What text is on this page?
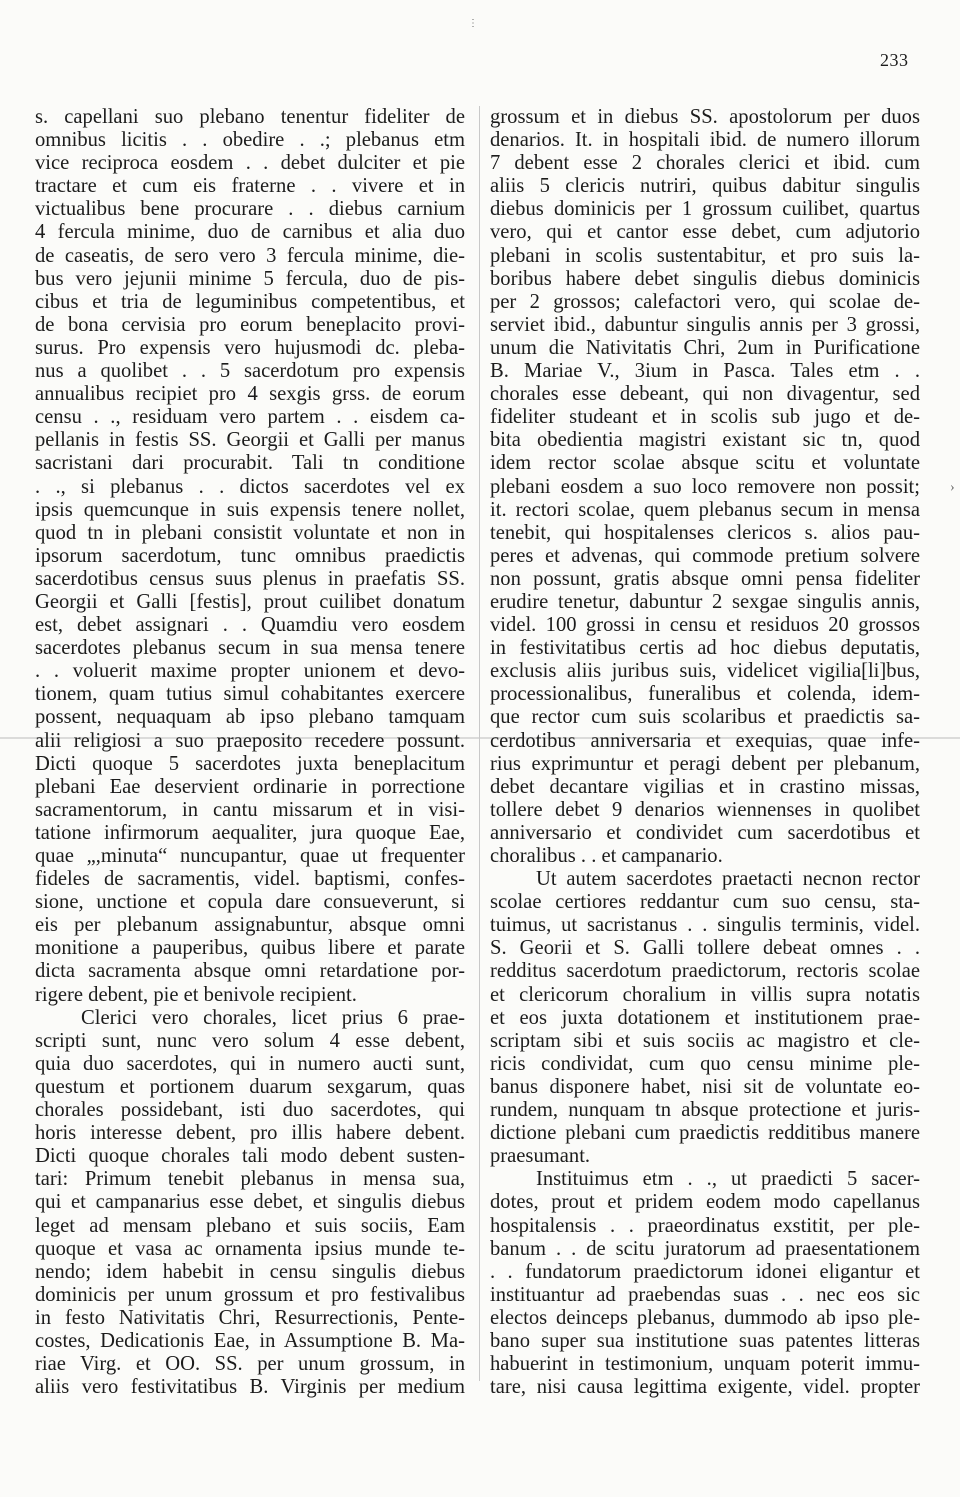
233
⋮
›
s. capellani suo plebano tenentur fideliter de
omnibus licitis . . obedire . .; plebanus etm
vice reciproca eosdem . . debet dulciter et pie
tractare et cum eis fraterne . . vivere et in
victualibus bene procurare . . diebus carnium
4 fercula minime, duo de carnibus et alia duo
de caseatis, de sero vero 3 fercula minime, die-
bus vero jejunii minime 5 fercula, duo de pis-
cibus et tria de leguminibus competentibus, et
de bona cervisia pro eorum beneplacito provi-
surus. Pro expensis vero hujusmodi dc. pleba-
nus a quolibet . . 5 sacerdotum pro expensis
annualibus recipiet pro 4 sexgis grss. de eorum
censu . ., residuam vero partem . . eisdem ca-
pellanis in festis SS. Georgii et Galli per manus
sacristani dari procurabit. Tali tn conditione
. ., si plebanus . . dictos sacerdotes vel ex
ipsis quemcunque in suis expensis tenere nollet,
quod tn in plebani consistit voluntate et non in
ipsorum sacerdotum, tunc omnibus praedictis
sacerdotibus census suus plenus in praefatis SS.
Georgii et Galli [festis], prout cuilibet donatum
est, debet assignari . . Quamdiu vero eosdem
sacerdotes plebanus secum in sua mensa tenere
. . voluerit maxime propter unionem et devo-
tionem, quam tutius simul cohabitantes exercere
possent, nequaquam ab ipso plebano tamquam
alii religiosi a suo praeposito recedere possunt.
Dicti quoque 5 sacerdotes juxta beneplacitum
plebani Eae deservient ordinarie in porrectione
sacramentorum, in cantu missarum et in visi-
tatione infirmorum aequaliter, jura quoque Eae,
quae „,minuta“ nuncupantur, quae ut frequenter
fideles de sacramentis, videl. baptismi, confes-
sione, unctione et copula dare consueverunt, si
eis per plebanum assignabuntur, absque omni
monitione a pauperibus, quibus libere et parate
dicta sacramenta absque omni retardatione por-
rigere debent, pie et benivole recipient.
Clerici vero chorales, licet prius 6 prae-
scripti sunt, nunc vero solum 4 esse debent,
quia duo sacerdotes, qui in numero aucti sunt,
questum et portionem duarum sexgarum, quas
chorales possidebant, isti duo sacerdotes, qui
horis interesse debent, pro illis habere debent.
Dicti quoque chorales tali modo debent susten-
tari: Primum tenebit plebanus in mensa sua,
qui et campanarius esse debet, et singulis diebus
leget ad mensam plebano et suis sociis, Eam
quoque et vasa ac ornamenta ipsius munde te-
nendo; idem habebit in censu singulis diebus
dominicis per unum grossum et pro festivalibus
in festo Nativitatis Chri, Resurrectionis, Pente-
costes, Dedicationis Eae, in Assumptione B. Ma-
riae Virg. et OO. SS. per unum grossum, in
aliis vero festivitatibus B. Virginis per medium
grossum et in diebus SS. apostolorum per duos
denarios. It. in hospitali ibid. de numero illorum
7 debent esse 2 chorales clerici et ibid. cum
aliis 5 clericis nutriri, quibus dabitur singulis
diebus dominicis per 1 grossum cuilibet, quartus
vero, qui et cantor esse debet, cum adjutorio
plebani in scolis sustentabitur, et pro suis la-
boribus habere debet singulis diebus dominicis
per 2 grossos; calefactori vero, qui scolae de-
serviet ibid., dabuntur singulis annis per 3 grossi,
unum die Nativitatis Chri, 2um in Purificatione
B. Mariae V., 3ium in Pasca. Tales etm . .
chorales esse debeant, qui non divagentur, sed
fideliter studeant et in scolis sub jugo et de-
bita obedientia magistri existant sic tn, quod
idem rector scolae absque scitu et voluntate
plebani eosdem a suo loco removere non possit;
it. rectori scolae, quem plebanus secum in mensa
tenebit, qui hospitalenses clericos s. alios pau-
peres et advenas, qui commode pretium solvere
non possunt, gratis absque omni pensa fideliter
erudire tenetur, dabuntur 2 sexgae singulis annis,
videl. 100 grossi in censu et residuos 20 grossos
in festivitatibus certis ad hoc diebus deputatis,
exclusis aliis juribus suis, videlicet vigilia[li]bus,
processionalibus, funeralibus et colenda, idem-
que rector cum suis scolaribus et praedictis sa-
cerdotibus anniversaria et exequias, quae infe-
rius exprimuntur et peragi debent per plebanum,
debet decantare vigilias et in crastino missas,
tollere debet 9 denarios wiennenses in quolibet
anniversario et condividet cum sacerdotibus et
choralibus . . et campanario.
Ut autem sacerdotes praetacti necnon rector
scolae certiores reddantur cum suo censu, sta-
tuimus, ut sacristanus . . singulis terminis, videl.
S. Georii et S. Galli tollere debeat omnes . .
redditus sacerdotum praedictorum, rectoris scolae
et clericorum choralium in villis supra notatis
et eos juxta dotationem et institutionem prae-
scriptam sibi et suis sociis ac magistro et cle-
ricis condividat, cum quo censu minime ple-
banus disponere habet, nisi sit de voluntate eo-
rundem, nunquam tn absque protectione et juris-
dictione plebani cum praedictis redditibus manere
praesumant.
Instituimus etm . ., ut praedicti 5 sacer-
dotes, prout et pridem eodem modo capellanus
hospitalensis . . praeordinatus exstitit, per ple-
banum . . de scitu juratorum ad praesentationem
. . fundatorum praedictorum idonei eligantur et
instituantur ad praebendas suas . . nec eos sic
electos deinceps plebanus, dummodo ab ipso ple-
bano super sua institutione suas patentes litteras
habuerint in testimonium, unquam poterit immu-
tare, nisi causa legittima exigente, videl. propter
